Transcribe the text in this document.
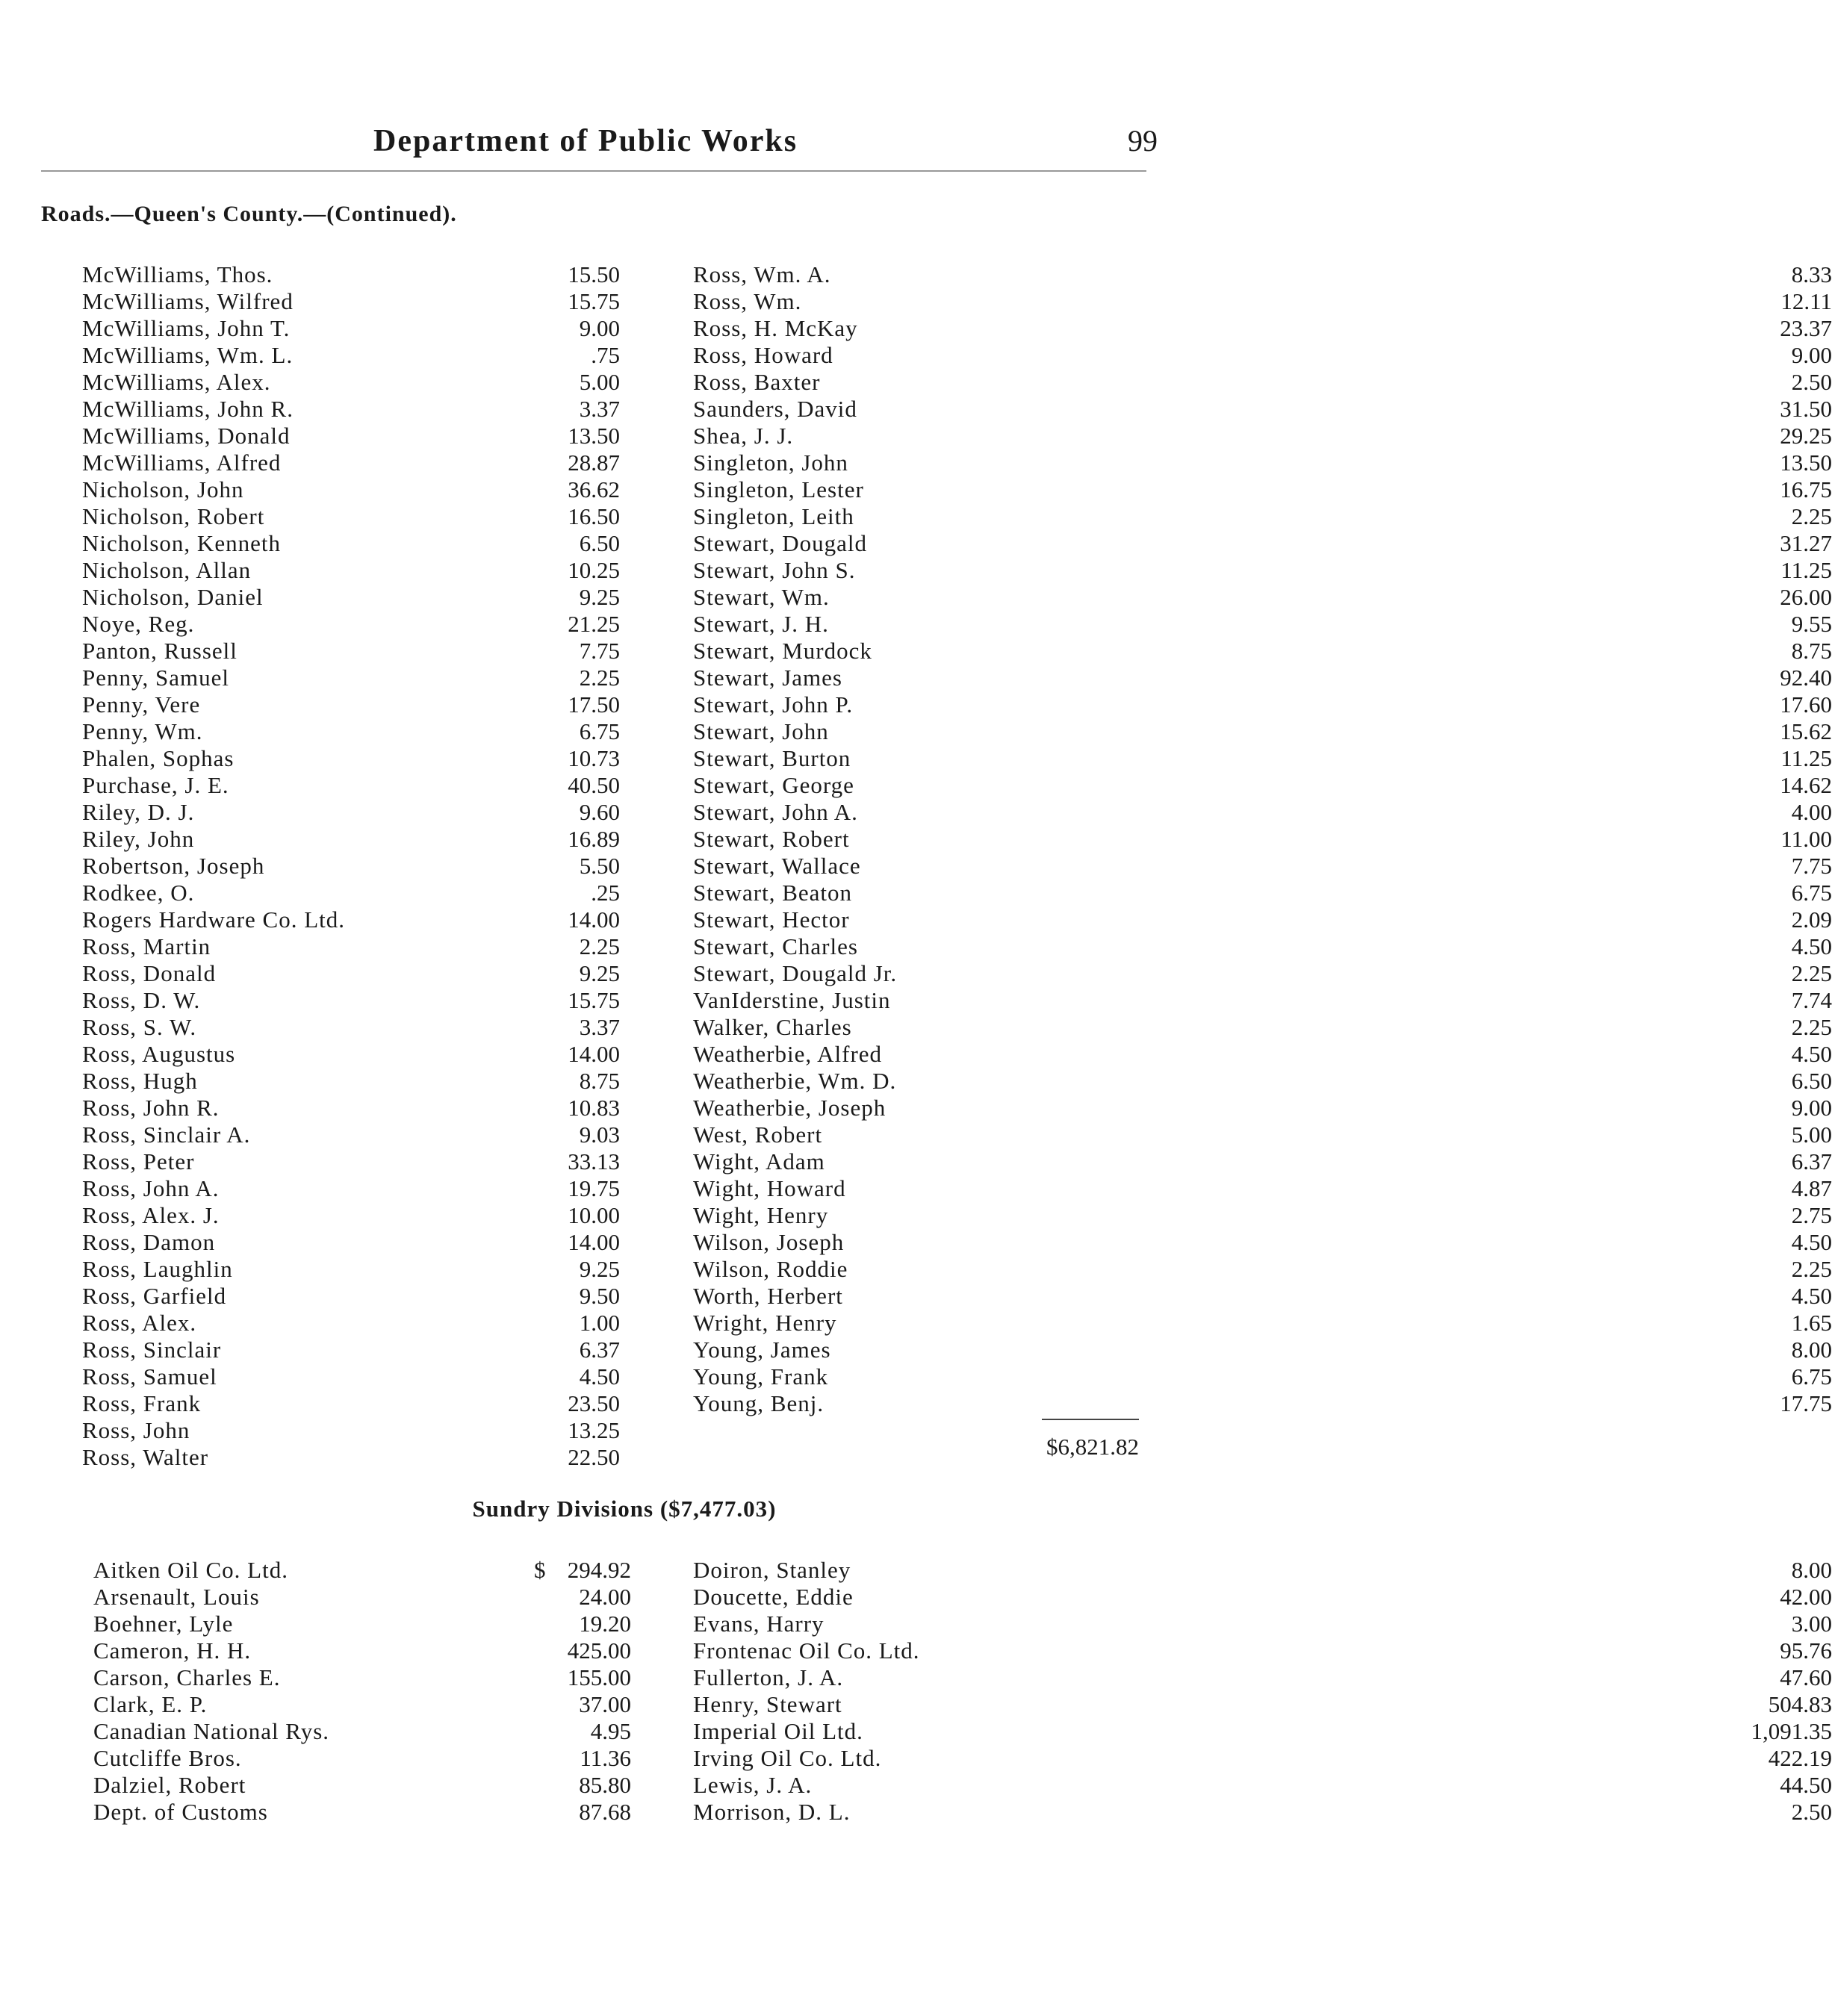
Department of Public Works	99
Roads.—Queen's County.—(Continued).
McWilliams, Thos.	15.50
McWilliams, Wilfred	15.75
McWilliams, John T.	9.00
McWilliams, Wm. L.	.75
McWilliams, Alex.	5.00
McWilliams, John R.	3.37
McWilliams, Donald	13.50
McWilliams, Alfred	28.87
Nicholson, John	36.62
Nicholson, Robert	16.50
Nicholson, Kenneth	6.50
Nicholson, Allan	10.25
Nicholson, Daniel	9.25
Noye, Reg.	21.25
Panton, Russell	7.75
Penny, Samuel	2.25
Penny, Vere	17.50
Penny, Wm.	6.75
Phalen, Sophas	10.73
Purchase, J. E.	40.50
Riley, D. J.	9.60
Riley, John	16.89
Robertson, Joseph	5.50
Rodkee, O.	.25
Rogers Hardware Co. Ltd.	14.00
Ross, Martin	2.25
Ross, Donald	9.25
Ross, D. W.	15.75
Ross, S. W.	3.37
Ross, Augustus	14.00
Ross, Hugh	8.75
Ross, John R.	10.83
Ross, Sinclair A.	9.03
Ross, Peter	33.13
Ross, John A.	19.75
Ross, Alex. J.	10.00
Ross, Damon	14.00
Ross, Laughlin	9.25
Ross, Garfield	9.50
Ross, Alex.	1.00
Ross, Sinclair	6.37
Ross, Samuel	4.50
Ross, Frank	23.50
Ross, John	13.25
Ross, Walter	22.50
Ross, Wm. A.	8.33
Ross, Wm.	12.11
Ross, H. McKay	23.37
Ross, Howard	9.00
Ross, Baxter	2.50
Saunders, David	31.50
Shea, J. J.	29.25
Singleton, John	13.50
Singleton, Lester	16.75
Singleton, Leith	2.25
Stewart, Dougald	31.27
Stewart, John S.	11.25
Stewart, Wm.	26.00
Stewart, J. H.	9.55
Stewart, Murdock	8.75
Stewart, James	92.40
Stewart, John P.	17.60
Stewart, John	15.62
Stewart, Burton	11.25
Stewart, George	14.62
Stewart, John A.	4.00
Stewart, Robert	11.00
Stewart, Wallace	7.75
Stewart, Beaton	6.75
Stewart, Hector	2.09
Stewart, Charles	4.50
Stewart, Dougald Jr.	2.25
VanIderstine, Justin	7.74
Walker, Charles	2.25
Weatherbie, Alfred	4.50
Weatherbie, Wm. D.	6.50
Weatherbie, Joseph	9.00
West, Robert	5.00
Wight, Adam	6.37
Wight, Howard	4.87
Wight, Henry	2.75
Wilson, Joseph	4.50
Wilson, Roddie	2.25
Worth, Herbert	4.50
Wright, Henry	1.65
Young, James	8.00
Young, Frank	6.75
Young, Benj.	17.75
$6,821.82
Sundry Divisions ($7,477.03)
$
Aitken Oil Co. Ltd.	294.92
Arsenault, Louis	24.00
Boehner, Lyle	19.20
Cameron, H. H.	425.00
Carson, Charles E.	155.00
Clark, E. P.	37.00
Canadian National Rys.	4.95
Cutcliffe Bros.	11.36
Dalziel, Robert	85.80
Dept. of Customs	87.68
Doiron, Stanley	8.00
Doucette, Eddie	42.00
Evans, Harry	3.00
Frontenac Oil Co. Ltd.	95.76
Fullerton, J. A.	47.60
Henry, Stewart	504.83
Imperial Oil Ltd.	1,091.35
Irving Oil Co. Ltd.	422.19
Lewis, J. A.	44.50
Morrison, D. L.	2.50
